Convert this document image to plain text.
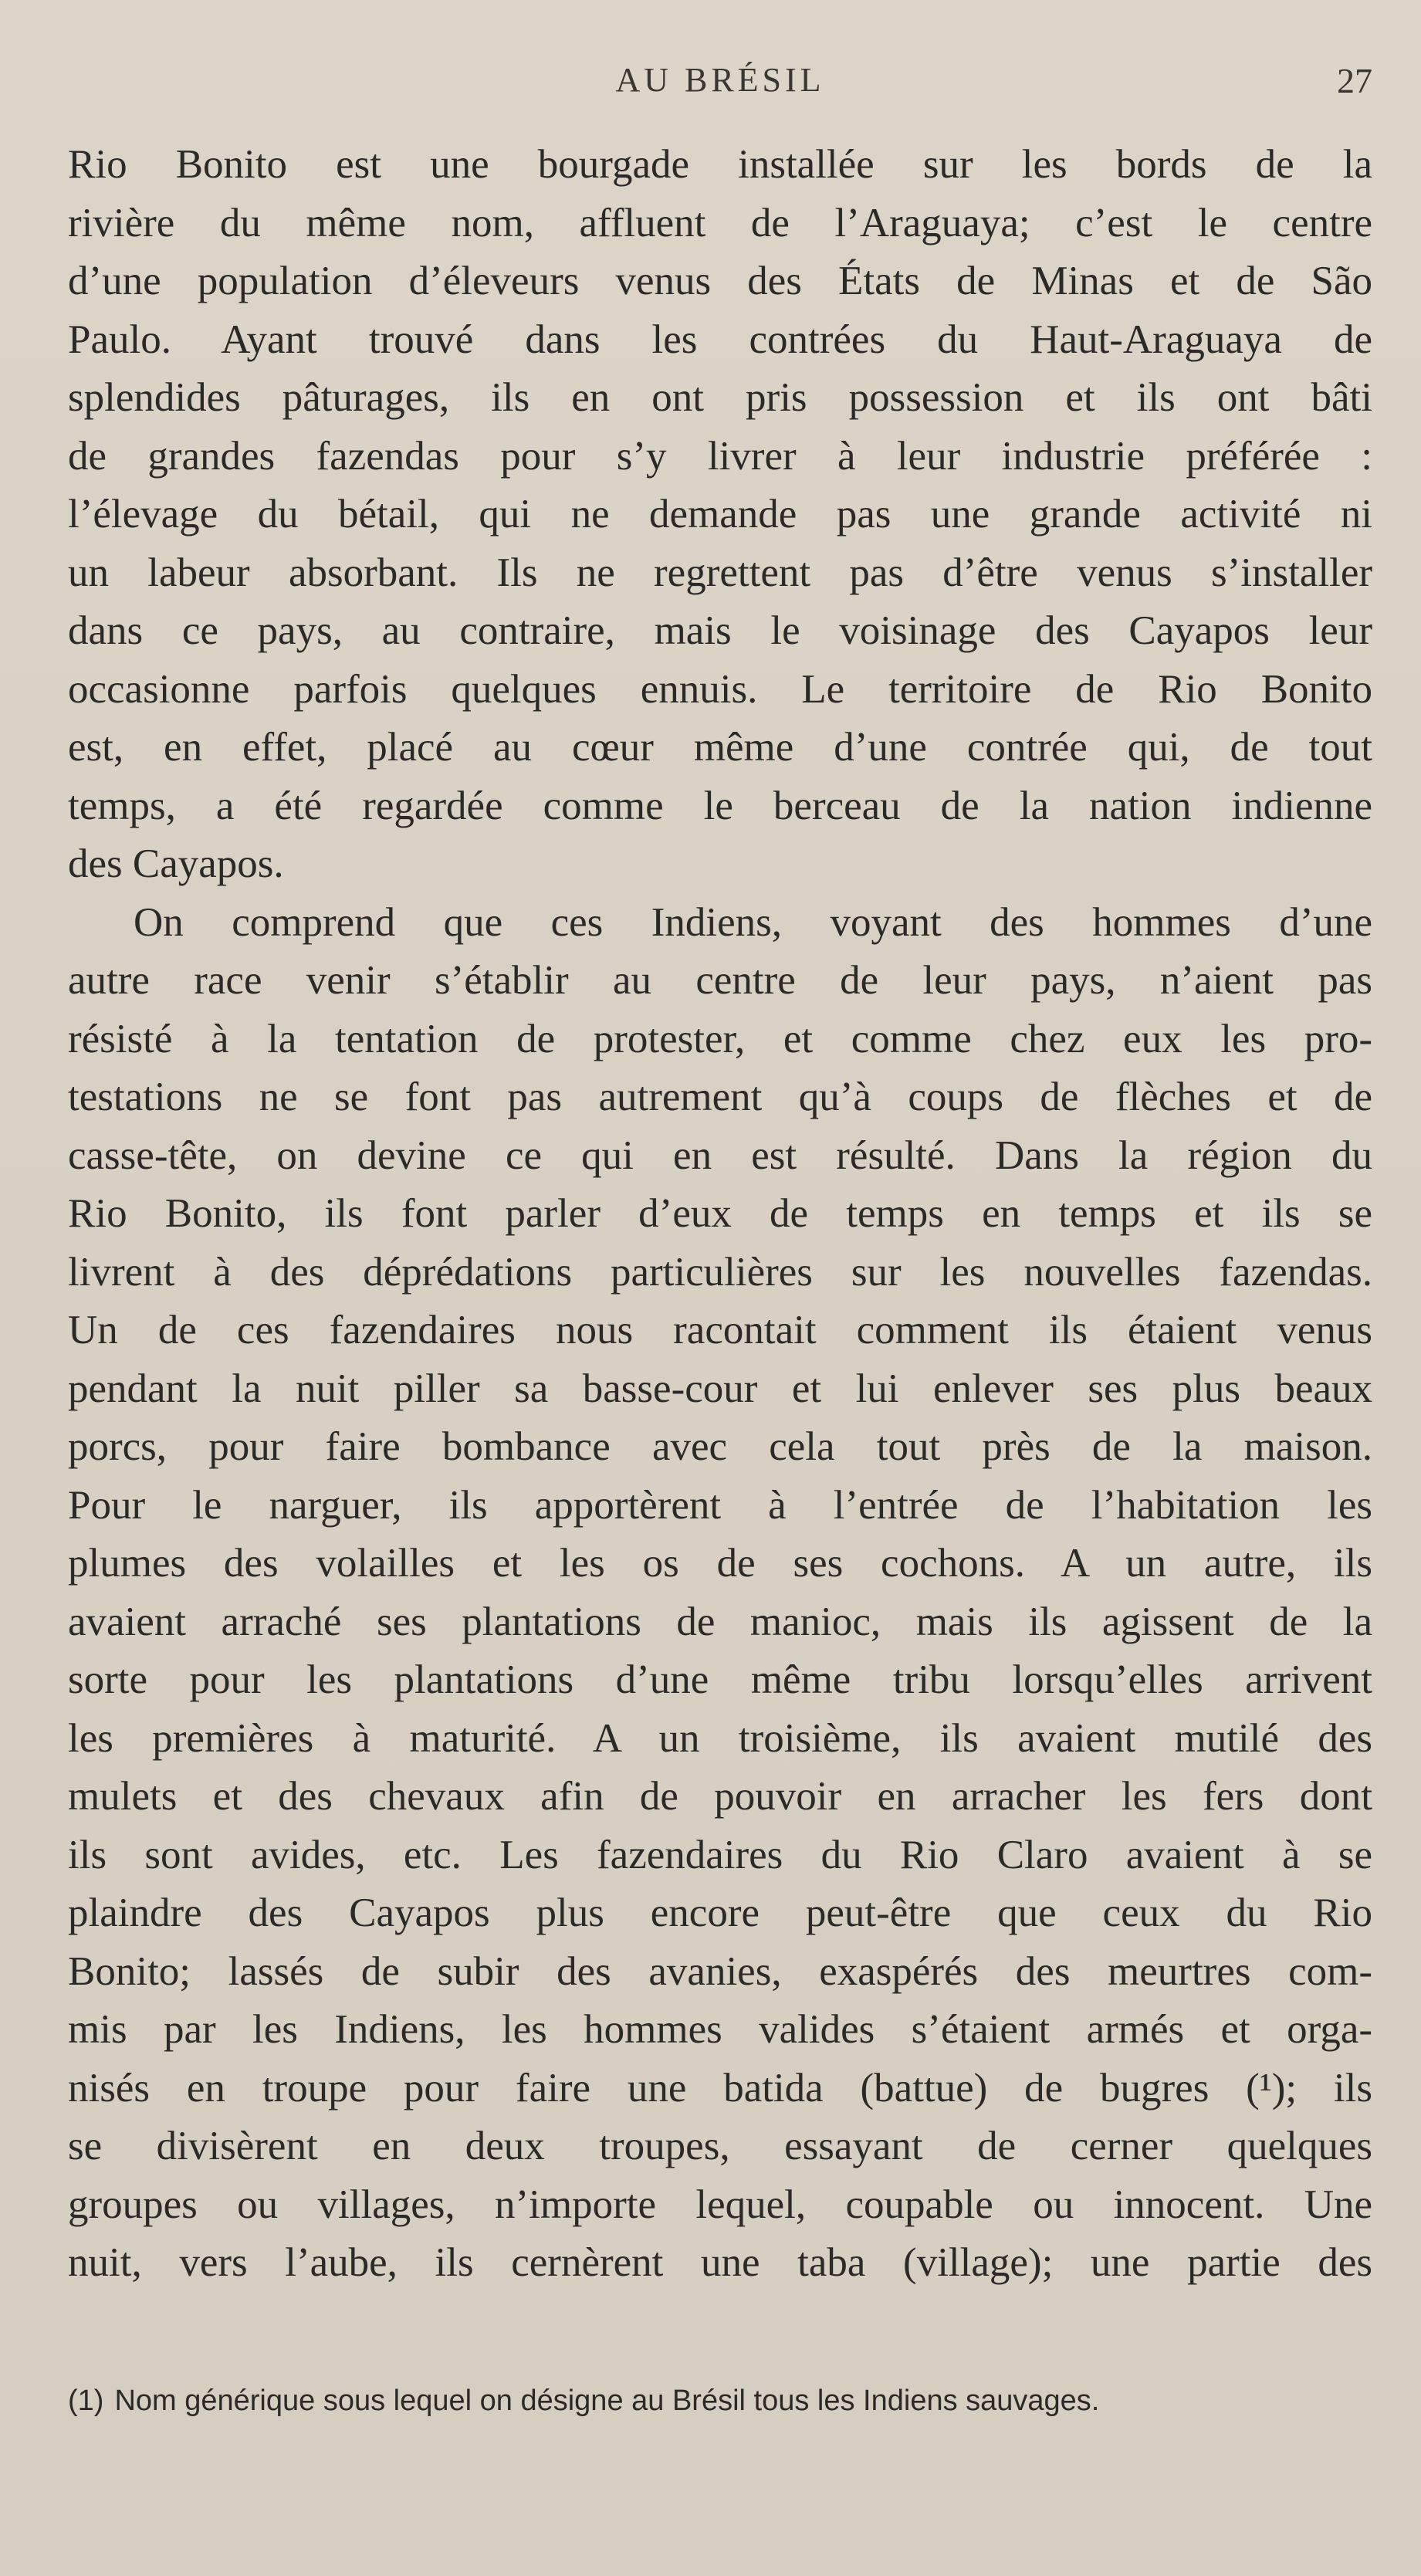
AU BRÉSIL	27
Rio Bonito est une bourgade installée sur les bords de la
rivière du même nom, affluent de l’Araguaya; c’est le centre
d’une population d’éleveurs venus des États de Minas et de São
Paulo. Ayant trouvé dans les contrées du Haut-Araguaya de
splendides pâturages, ils en ont pris possession et ils ont bâti
de grandes fazendas pour s’y livrer à leur industrie préférée :
l’élevage du bétail, qui ne demande pas une grande activité ni
un labeur absorbant. Ils ne regrettent pas d’être venus s’installer
dans ce pays, au contraire, mais le voisinage des Cayapos leur
occasionne parfois quelques ennuis. Le territoire de Rio Bonito
est, en effet, placé au cœur même d’une contrée qui, de tout
temps, a été regardée comme le berceau de la nation indienne
des Cayapos.
On comprend que ces Indiens, voyant des hommes d’une
autre race venir s’établir au centre de leur pays, n’aient pas
résisté à la tentation de protester, et comme chez eux les pro-
testations ne se font pas autrement qu’à coups de flèches et de
casse-tête, on devine ce qui en est résulté. Dans la région du
Rio Bonito, ils font parler d’eux de temps en temps et ils se
livrent à des déprédations particulières sur les nouvelles fazendas.
Un de ces fazendaires nous racontait comment ils étaient venus
pendant la nuit piller sa basse-cour et lui enlever ses plus beaux
porcs, pour faire bombance avec cela tout près de la maison.
Pour le narguer, ils apportèrent à l’entrée de l’habitation les
plumes des volailles et les os de ses cochons. A un autre, ils
avaient arraché ses plantations de manioc, mais ils agissent de la
sorte pour les plantations d’une même tribu lorsqu’elles arrivent
les premières à maturité. A un troisième, ils avaient mutilé des
mulets et des chevaux afin de pouvoir en arracher les fers dont
ils sont avides, etc. Les fazendaires du Rio Claro avaient à se
plaindre des Cayapos plus encore peut-être que ceux du Rio
Bonito; lassés de subir des avanies, exaspérés des meurtres com-
mis par les Indiens, les hommes valides s’étaient armés et orga-
nisés en troupe pour faire une batida (battue) de bugres (¹); ils
se divisèrent en deux troupes, essayant de cerner quelques
groupes ou villages, n’importe lequel, coupable ou innocent. Une
nuit, vers l’aube, ils cernèrent une taba (village); une partie des
(1) Nom générique sous lequel on désigne au Brésil tous les Indiens sauvages.
